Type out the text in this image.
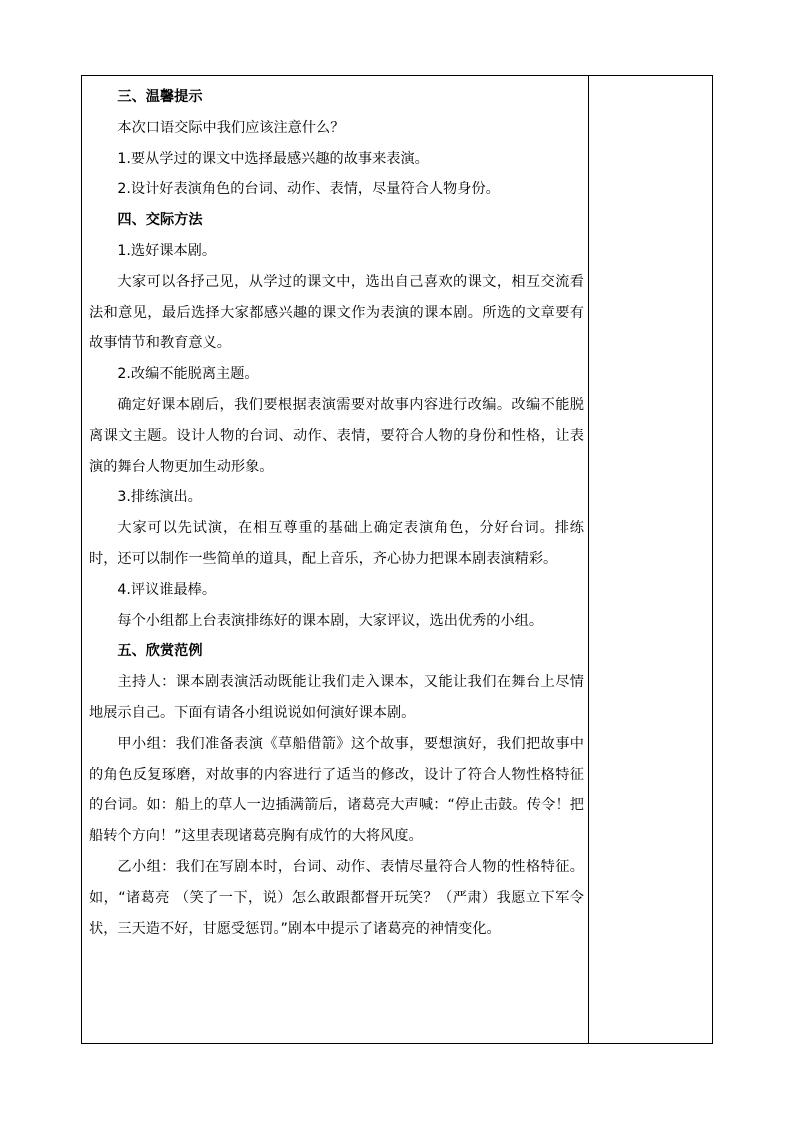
三、温馨提示

本次口语交际中我们应该注意什么？

1.要从学过的课文中选择最感兴趣的故事来表演。

2.设计好表演角色的台词、动作、表情，尽量符合人物身份。

四、交际方法

1.选好课本剧。

大家可以各抒己见，从学过的课文中，选出自己喜欢的课文，相互交流看法和意见，最后选择大家都感兴趣的课文作为表演的课本剧。所选的文章要有故事情节和教育意义。

2.改编不能脱离主题。

确定好课本剧后，我们要根据表演需要对故事内容进行改编。改编不能脱离课文主题。设计人物的台词、动作、表情，要符合人物的身份和性格，让表演的舞台人物更加生动形象。

3.排练演出。

大家可以先试演，在相互尊重的基础上确定表演角色，分好台词。排练时，还可以制作一些简单的道具，配上音乐，齐心协力把课本剧表演精彩。

4.评议谁最棒。

每个小组都上台表演排练好的课本剧，大家评议，选出优秀的小组。

五、欣赏范例

主持人：课本剧表演活动既能让我们走入课本，又能让我们在舞台上尽情地展示自己。下面有请各小组说说如何演好课本剧。

甲小组：我们准备表演《草船借箭》这个故事，要想演好，我们把故事中的角色反复琢磨，对故事的内容进行了适当的修改，设计了符合人物性格特征的台词。如：船上的草人一边插满箭后，诸葛亮大声喊：“停止击鼓。传令！把船转个方向！”这里表现诸葛亮胸有成竹的大将风度。

乙小组：我们在写剧本时，台词、动作、表情尽量符合人物的性格特征。如，“诸葛亮 （笑了一下，说）怎么敢跟都督开玩笑？（严肃）我愿立下军令状，三天造不好，甘愿受惩罚。”剧本中提示了诸葛亮的神情变化。
